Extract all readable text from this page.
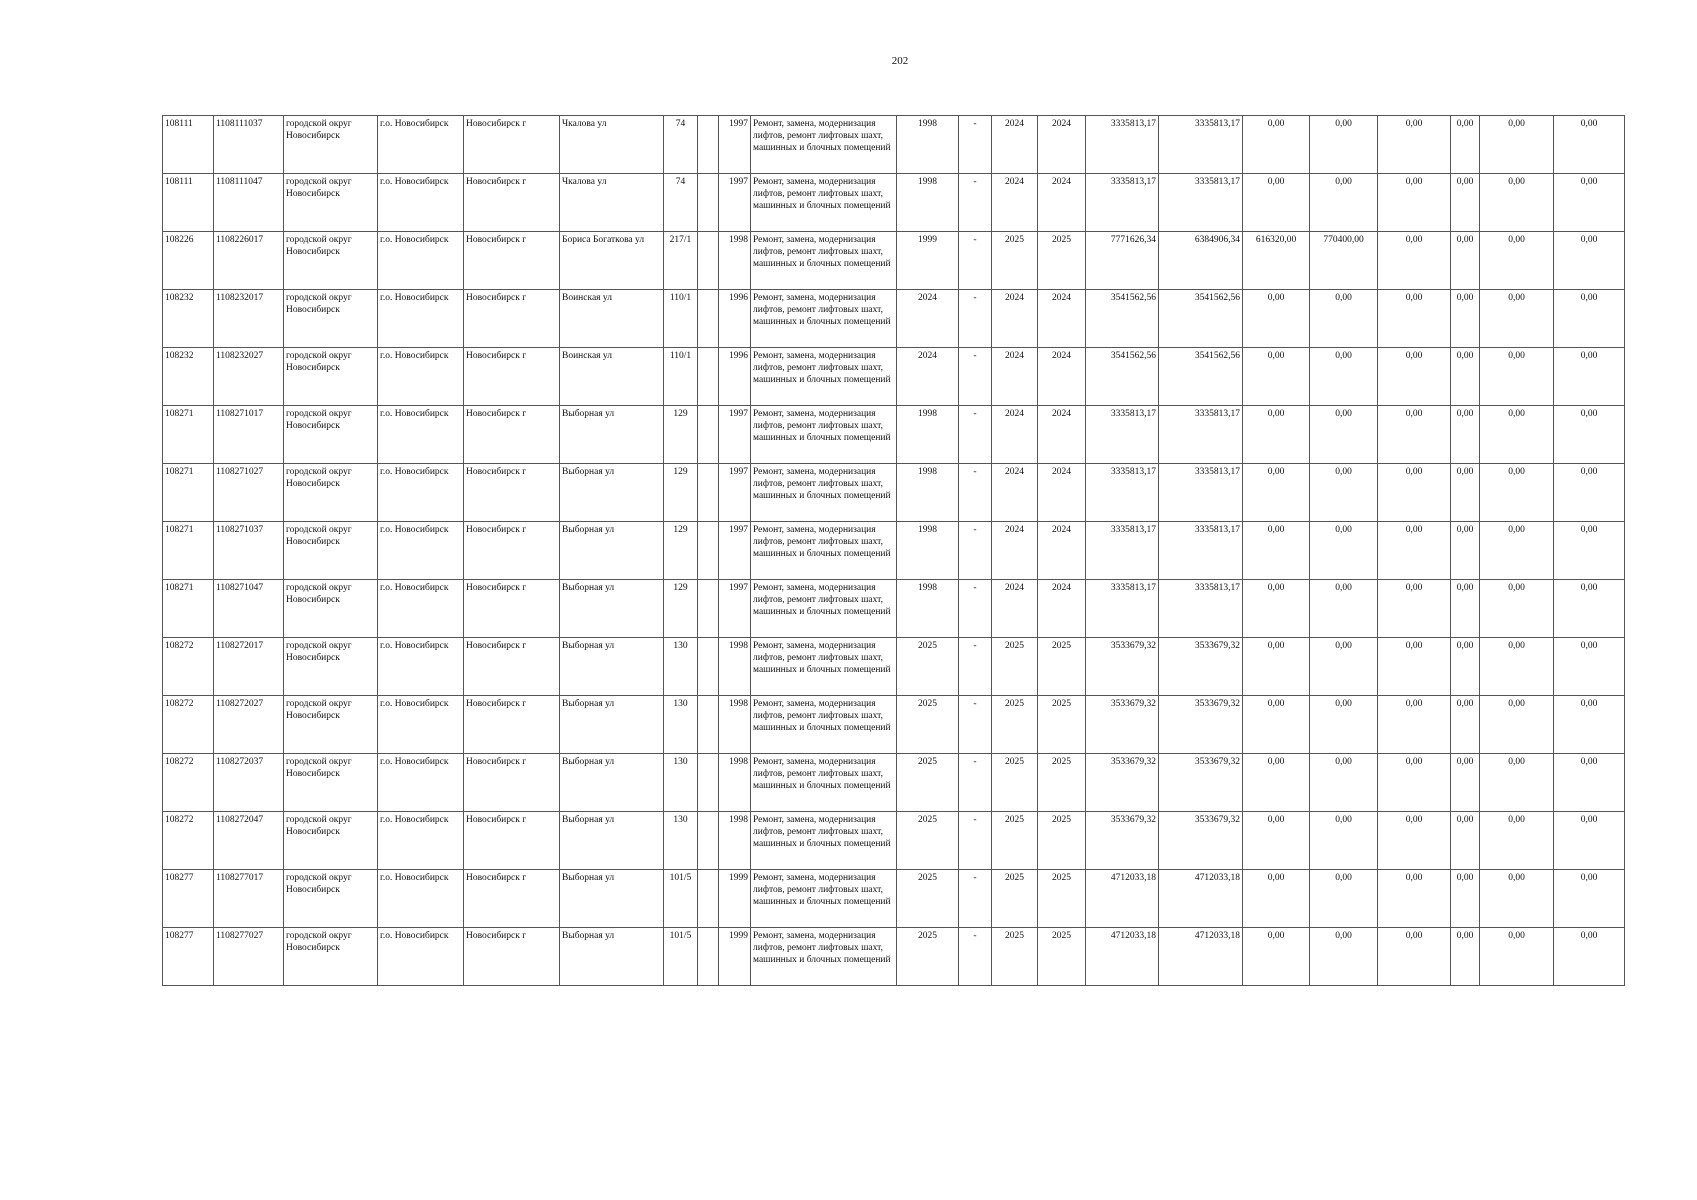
202
108111	1108111037	городской округ Новосибирск	г.о. Новосибирск	Новосибирск г	Чкалова ул	74		1997	Ремонт, замена, модернизация лифтов, ремонт лифтовых шахт, машинных и блочных помещений	1998	-	2024	2024	3335813,17	3335813,17	0,00	0,00	0,00	0,00	0,00	0,00
108111	1108111047	городской округ Новосибирск	г.о. Новосибирск	Новосибирск г	Чкалова ул	74		1997	Ремонт, замена, модернизация лифтов, ремонт лифтовых шахт, машинных и блочных помещений	1998	-	2024	2024	3335813,17	3335813,17	0,00	0,00	0,00	0,00	0,00	0,00
108226	1108226017	городской округ Новосибирск	г.о. Новосибирск	Новосибирск г	Бориса Богаткова ул	217/1		1998	Ремонт, замена, модернизация лифтов, ремонт лифтовых шахт, машинных и блочных помещений	1999	-	2025	2025	7771626,34	6384906,34	616320,00	770400,00	0,00	0,00	0,00	0,00
108232	1108232017	городской округ Новосибирск	г.о. Новосибирск	Новосибирск г	Воинская ул	110/1		1996	Ремонт, замена, модернизация лифтов, ремонт лифтовых шахт, машинных и блочных помещений	2024	-	2024	2024	3541562,56	3541562,56	0,00	0,00	0,00	0,00	0,00	0,00
108232	1108232027	городской округ Новосибирск	г.о. Новосибирск	Новосибирск г	Воинская ул	110/1		1996	Ремонт, замена, модернизация лифтов, ремонт лифтовых шахт, машинных и блочных помещений	2024	-	2024	2024	3541562,56	3541562,56	0,00	0,00	0,00	0,00	0,00	0,00
108271	1108271017	городской округ Новосибирск	г.о. Новосибирск	Новосибирск г	Выборная ул	129		1997	Ремонт, замена, модернизация лифтов, ремонт лифтовых шахт, машинных и блочных помещений	1998	-	2024	2024	3335813,17	3335813,17	0,00	0,00	0,00	0,00	0,00	0,00
108271	1108271027	городской округ Новосибирск	г.о. Новосибирск	Новосибирск г	Выборная ул	129		1997	Ремонт, замена, модернизация лифтов, ремонт лифтовых шахт, машинных и блочных помещений	1998	-	2024	2024	3335813,17	3335813,17	0,00	0,00	0,00	0,00	0,00	0,00
108271	1108271037	городской округ Новосибирск	г.о. Новосибирск	Новосибирск г	Выборная ул	129		1997	Ремонт, замена, модернизация лифтов, ремонт лифтовых шахт, машинных и блочных помещений	1998	-	2024	2024	3335813,17	3335813,17	0,00	0,00	0,00	0,00	0,00	0,00
108271	1108271047	городской округ Новосибирск	г.о. Новосибирск	Новосибирск г	Выборная ул	129		1997	Ремонт, замена, модернизация лифтов, ремонт лифтовых шахт, машинных и блочных помещений	1998	-	2024	2024	3335813,17	3335813,17	0,00	0,00	0,00	0,00	0,00	0,00
108272	1108272017	городской округ Новосибирск	г.о. Новосибирск	Новосибирск г	Выборная ул	130		1998	Ремонт, замена, модернизация лифтов, ремонт лифтовых шахт, машинных и блочных помещений	2025	-	2025	2025	3533679,32	3533679,32	0,00	0,00	0,00	0,00	0,00	0,00
108272	1108272027	городской округ Новосибирск	г.о. Новосибирск	Новосибирск г	Выборная ул	130		1998	Ремонт, замена, модернизация лифтов, ремонт лифтовых шахт, машинных и блочных помещений	2025	-	2025	2025	3533679,32	3533679,32	0,00	0,00	0,00	0,00	0,00	0,00
108272	1108272037	городской округ Новосибирск	г.о. Новосибирск	Новосибирск г	Выборная ул	130		1998	Ремонт, замена, модернизация лифтов, ремонт лифтовых шахт, машинных и блочных помещений	2025	-	2025	2025	3533679,32	3533679,32	0,00	0,00	0,00	0,00	0,00	0,00
108272	1108272047	городской округ Новосибирск	г.о. Новосибирск	Новосибирск г	Выборная ул	130		1998	Ремонт, замена, модернизация лифтов, ремонт лифтовых шахт, машинных и блочных помещений	2025	-	2025	2025	3533679,32	3533679,32	0,00	0,00	0,00	0,00	0,00	0,00
108277	1108277017	городской округ Новосибирск	г.о. Новосибирск	Новосибирск г	Выборная ул	101/5		1999	Ремонт, замена, модернизация лифтов, ремонт лифтовых шахт, машинных и блочных помещений	2025	-	2025	2025	4712033,18	4712033,18	0,00	0,00	0,00	0,00	0,00	0,00
108277	1108277027	городской округ Новосибирск	г.о. Новосибирск	Новосибирск г	Выборная ул	101/5		1999	Ремонт, замена, модернизация лифтов, ремонт лифтовых шахт, машинных и блочных помещений	2025	-	2025	2025	4712033,18	4712033,18	0,00	0,00	0,00	0,00	0,00	0,00
